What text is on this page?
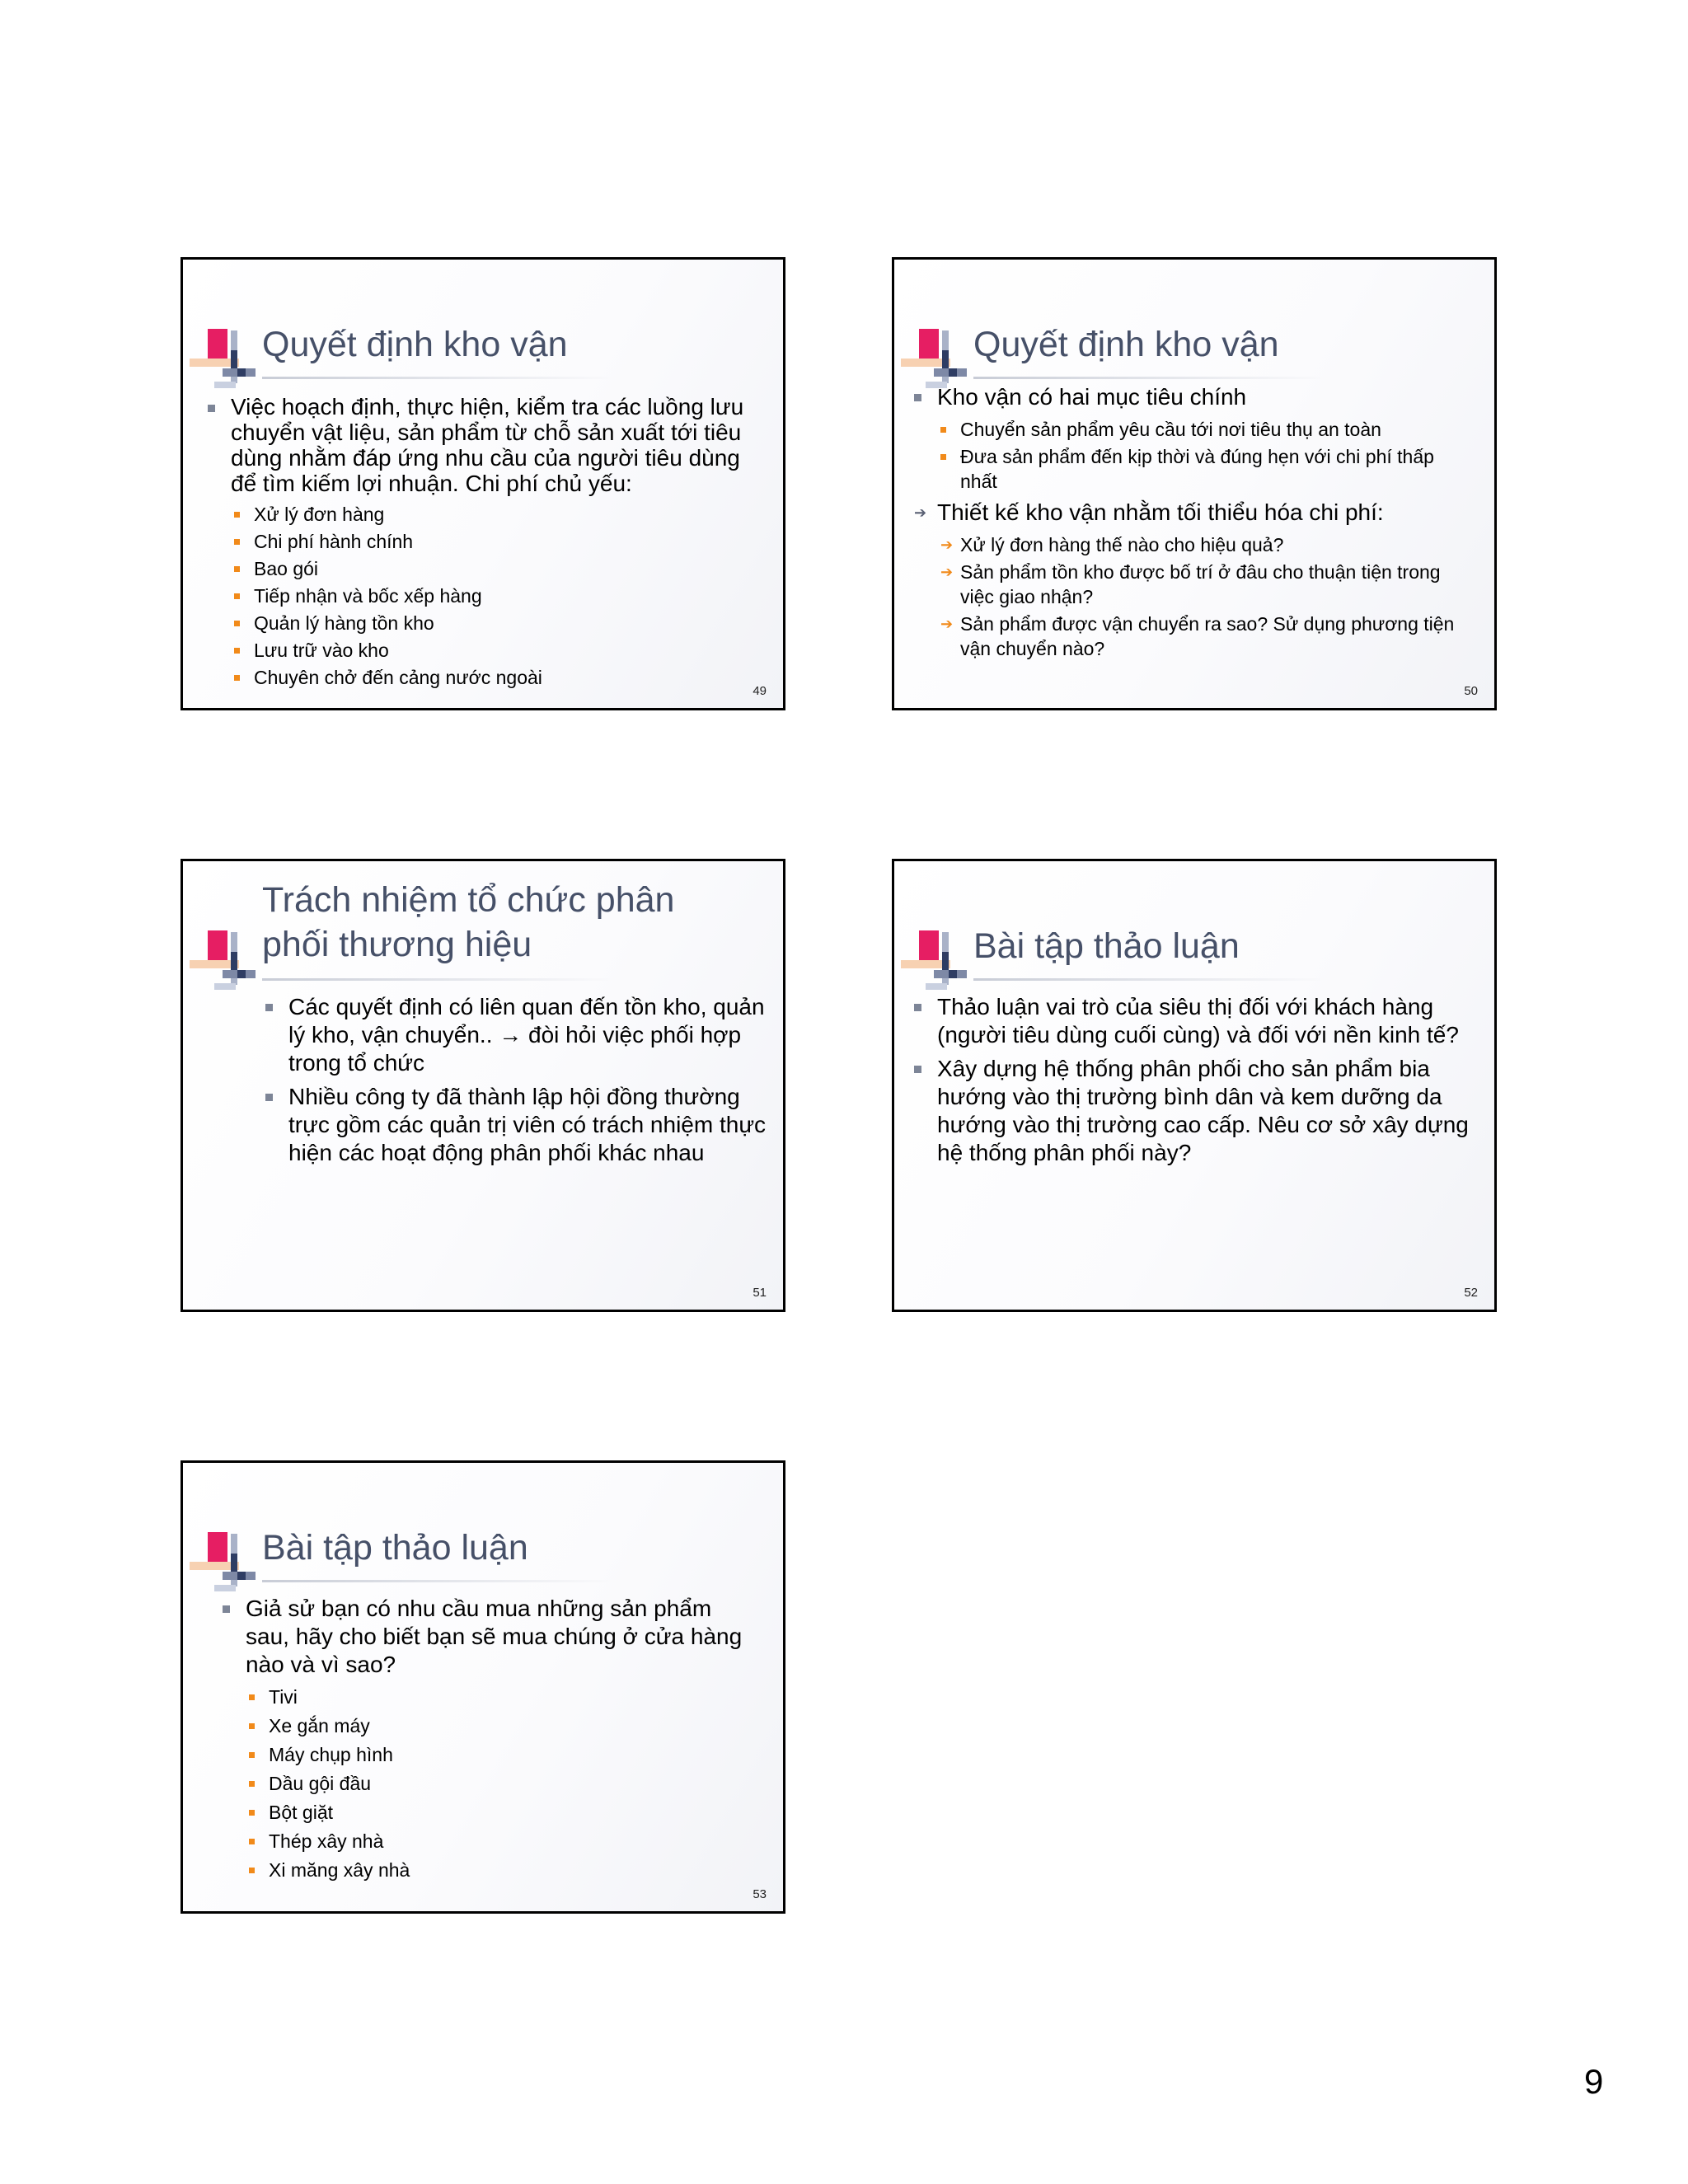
Quyết định kho vận
Việc hoạch định, thực hiện, kiểm tra các luồng lưu chuyển vật liệu, sản phẩm từ chỗ sản xuất tới tiêu dùng nhằm đáp ứng nhu cầu của người tiêu dùng để tìm kiếm lợi nhuận. Chi phí chủ yếu:
Xử lý đơn hàng
Chi phí hành chính
Bao gói
Tiếp nhận và bốc xếp hàng
Quản lý hàng tồn kho
Lưu trữ vào kho
Chuyên chở đến cảng nước ngoài
49
Quyết định kho vận
Kho vận có hai mục tiêu chính
Chuyển sản phẩm yêu cầu tới nơi tiêu thụ an toàn
Đưa sản phẩm đến kịp thời và đúng hẹn với chi phí thấp nhất
➔ Thiết kế kho vận nhằm tối thiểu hóa chi phí:
➔ Xử lý đơn hàng thế nào cho hiệu quả?
➔ Sản phẩm tồn kho được bố trí ở đâu cho thuận tiện trong việc giao nhận?
➔ Sản phẩm được vận chuyển ra sao? Sử dụng phương tiện vận chuyển nào?
50
Trách nhiệm tổ chức phân phối thương hiệu
Các quyết định có liên quan đến tồn kho, quản lý kho, vận chuyển.. → đòi hỏi việc phối hợp trong tổ chức
Nhiều công ty đã thành lập hội đồng thường trực gồm các quản trị viên có trách nhiệm thực hiện các hoạt động phân phối khác nhau
51
Bài tập thảo luận
Thảo luận vai trò của siêu thị đối với khách hàng (người tiêu dùng cuối cùng) và đối với nền kinh tế?
Xây dựng hệ thống phân phối cho sản phẩm bia hướng vào thị trường bình dân và kem dưỡng da hướng vào thị trường cao cấp. Nêu cơ sở xây dựng hệ thống phân phối này?
52
Bài tập thảo luận
Giả sử bạn có nhu cầu mua những sản phẩm sau, hãy cho biết bạn sẽ mua chúng ở cửa hàng nào và vì sao?
Tivi
Xe gắn máy
Máy chụp hình
Dầu gội đầu
Bột giặt
Thép xây nhà
Xi măng xây nhà
53
9
